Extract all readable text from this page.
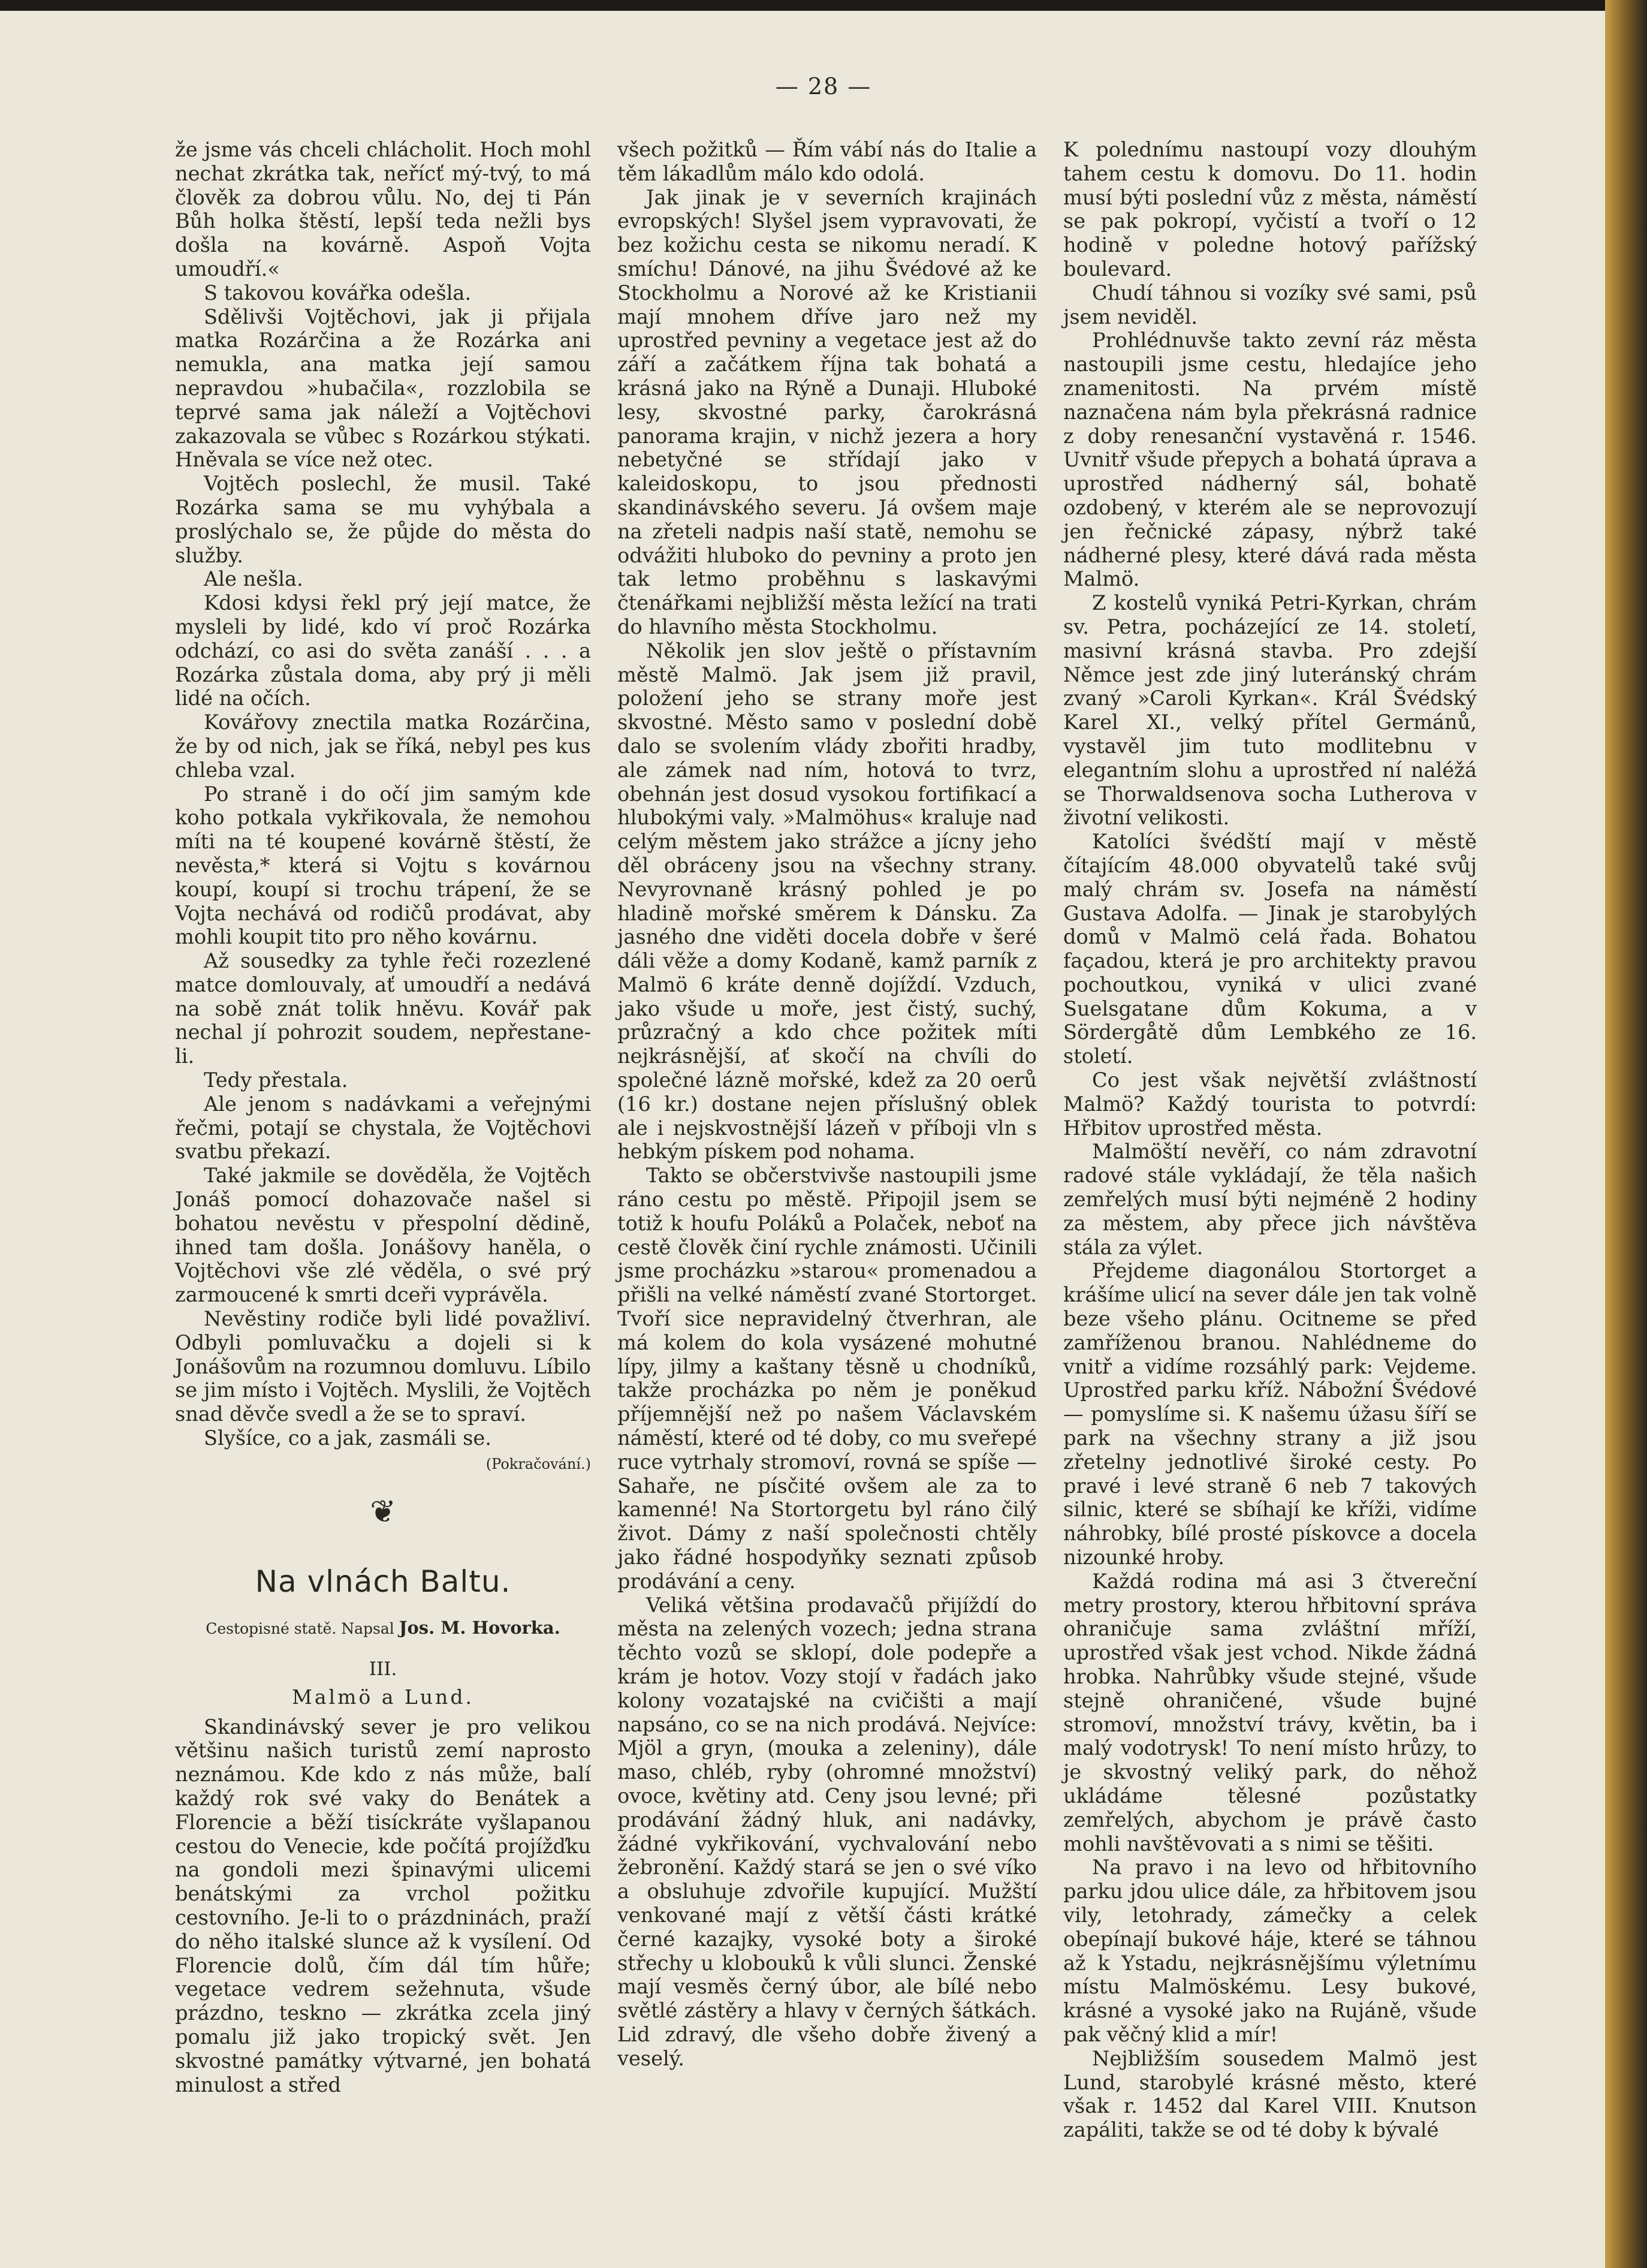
— 28 —

že jsme vás chceli chlácholit. Hoch mohl nechat zkrátka tak, neřícť mý-tvý, to má člověk za dobrou vůlu. No, dej ti Pán Bůh holka štěstí, lepší teda nežli bys došla na kovárně. Aspoň Vojta umoudří.«

S takovou kovářka odešla.

Sdělivši Vojtěchovi, jak ji přijala matka Rozárčina a že Rozárka ani nemukla, ana matka její samou nepravdou »hubačila«, rozzlobila se teprvé sama jak náleží a Vojtěchovi zakazovala se vůbec s Rozárkou stýkati. Hněvala se více než otec.

Vojtěch poslechl, že musil. Také Rozárka sama se mu vyhýbala a proslýchalo se, že půjde do města do služby.

Ale nešla.

Kdosi kdysi řekl prý její matce, že mysleli by lidé, kdo ví proč Rozárka odchází, co asi do světa zanáší . . . a Rozárka zůstala doma, aby prý ji měli lidé na očích.

Kovářovy znectila matka Rozárčina, že by od nich, jak se říká, nebyl pes kus chleba vzal.

Po straně i do očí jim samým kde koho potkala vykřikovala, že nemohou míti na té koupené kovárně štěstí, že nevěsta,* která si Vojtu s kovárnou koupí, koupí si trochu trápení, že se Vojta nechává od rodičů prodávat, aby mohli koupit tito pro něho kovárnu.

Až sousedky za tyhle řeči rozezlené matce domlouvaly, ať umoudří a nedává na sobě znát tolik hněvu. Kovář pak nechal jí pohrozit soudem, nepřestane-li.

Tedy přestala.

Ale jenom s nadávkami a veřejnými řečmi, potají se chystala, že Vojtěchovi svatbu překazí.

Také jakmile se dověděla, že Vojtěch Jonáš pomocí dohazovače našel si bohatou nevěstu v přespolní dědině, ihned tam došla. Jonášovy haněla, o Vojtěchovi vše zlé věděla, o své prý zarmoucené k smrti dceři vyprávěla.

Nevěstiny rodiče byli lidé považliví. Odbyli pomluvačku a dojeli si k Jonášovům na rozumnou domluvu. Líbilo se jim místo i Vojtěch. Myslili, že Vojtěch snad děvče svedl a že se to spraví.

Slyšíce, co a jak, zasmáli se.

(Pokračování.)
❦
Na vlnách Baltu.
Cestopisné statě. Napsal Jos. M. Hovorka.
III.
Malmö a Lund.

Skandinávský sever je pro velikou většinu našich turistů zemí naprosto neznámou. Kde kdo z nás může, balí každý rok své vaky do Benátek a Florencie a běží tisíckráte vyšlapanou cestou do Venecie, kde počítá projížďku na gondoli mezi špinavými ulicemi benátskými za vrchol požitku cestovního. Je-li to o prázdninách, praží do něho italské slunce až k vysílení. Od Florencie dolů, čím dál tím hůře; vegetace vedrem sežehnuta, všude prázdno, teskno — zkrátka zcela jiný pomalu již jako tropický svět. Jen skvostné památky výtvarné, jen bohatá minulost a střed

všech požitků — Řím vábí nás do Italie a těm lákadlům málo kdo odolá.

Jak jinak je v severních krajinách evropských! Slyšel jsem vypravovati, že bez kožichu cesta se nikomu neradí. K smíchu! Dánové, na jihu Švédové až ke Stockholmu a Norové až ke Kristianii mají mnohem dříve jaro než my uprostřed pevniny a vegetace jest až do září a začátkem října tak bohatá a krásná jako na Rýně a Dunaji. Hluboké lesy, skvostné parky, čarokrásná panorama krajin, v nichž jezera a hory nebetyčné se střídají jako v kaleidoskopu, to jsou přednosti skandinávského severu. Já ovšem maje na zřeteli nadpis naší statě, nemohu se odvážiti hluboko do pevniny a proto jen tak letmo proběhnu s laskavými čtenářkami nejbližší města ležící na trati do hlavního města Stockholmu.

Několik jen slov ještě o přístavním městě Malmö. Jak jsem již pravil, položení jeho se strany moře jest skvostné. Město samo v poslední době dalo se svolením vlády zbořiti hradby, ale zámek nad ním, hotová to tvrz, obehnán jest dosud vysokou fortifikací a hlubokými valy. »Malmöhus« kraluje nad celým městem jako strážce a jícny jeho děl obráceny jsou na všechny strany. Nevyrovnaně krásný pohled je po hladině mořské směrem k Dánsku. Za jasného dne viděti docela dobře v šeré dáli věže a domy Kodaně, kamž parník z Malmö 6 kráte denně dojíždí. Vzduch, jako všude u moře, jest čistý, suchý, průzračný a kdo chce požitek míti nejkrásnější, ať skočí na chvíli do společné lázně mořské, kdež za 20 oerů (16 kr.) dostane nejen příslušný oblek ale i nejskvostnější lázeň v příboji vln s hebkým pískem pod nohama.

Takto se občerstvivše nastoupili jsme ráno cestu po městě. Připojil jsem se totiž k houfu Poláků a Polaček, neboť na cestě člověk činí rychle známosti. Učinili jsme procházku »starou« promenadou a přišli na velké náměstí zvané Stortorget. Tvoří sice nepravidelný čtverhran, ale má kolem do kola vysázené mohutné lípy, jilmy a kaštany těsně u chodníků, takže procházka po něm je poněkud příjemnější než po našem Václavském náměstí, které od té doby, co mu sveřepé ruce vytrhaly stromoví, rovná se spíše — Sahaře, ne písčité ovšem ale za to kamenné! Na Stortorgetu byl ráno čilý život. Dámy z naší společnosti chtěly jako řádné hospodyňky seznati způsob prodávání a ceny.

Veliká většina prodavačů přijíždí do města na zelených vozech; jedna strana těchto vozů se sklopí, dole podepře a krám je hotov. Vozy stojí v řadách jako kolony vozatajské na cvičišti a mají napsáno, co se na nich prodává. Nejvíce: Mjöl a gryn, (mouka a zeleniny), dále maso, chléb, ryby (ohromné množství) ovoce, květiny atd. Ceny jsou levné; při prodávání žádný hluk, ani nadávky, žádné vykřikování, vychvalování nebo žebronění. Každý stará se jen o své víko a obsluhuje zdvořile kupující. Mužští venkované mají z větší části krátké černé kazajky, vysoké boty a široké střechy u klobouků k vůli slunci. Ženské mají vesměs černý úbor, ale bílé nebo světlé zástěry a hlavy v černých šátkách. Lid zdravý, dle všeho dobře živený a veselý.

K polednímu nastoupí vozy dlouhým tahem cestu k domovu. Do 11. hodin musí býti poslední vůz z města, náměstí se pak pokropí, vyčistí a tvoří o 12 hodině v poledne hotový pařížský boulevard.

Chudí táhnou si vozíky své sami, psů jsem neviděl.

Prohlédnuvše takto zevní ráz města nastoupili jsme cestu, hledajíce jeho znamenitosti. Na prvém místě naznačena nám byla překrásná radnice z doby renesanční vystavěná r. 1546. Uvnitř všude přepych a bohatá úprava a uprostřed nádherný sál, bohatě ozdobený, v kterém ale se neprovozují jen řečnické zápasy, nýbrž také nádherné plesy, které dává rada města Malmö.

Z kostelů vyniká Petri-Kyrkan, chrám sv. Petra, pocházející ze 14. století, masivní krásná stavba. Pro zdejší Němce jest zde jiný luteránský chrám zvaný »Caroli Kyrkan«. Král Švédský Karel XI., velký přítel Germánů, vystavěl jim tuto modlitebnu v elegantním slohu a uprostřed ní naléžá se Thorwaldsenova socha Lutherova v životní velikosti.

Katolíci švédští mají v městě čítajícím 48.000 obyvatelů také svůj malý chrám sv. Josefa na náměstí Gustava Adolfa. — Jinak je starobylých domů v Malmö celá řada. Bohatou façadou, která je pro architekty pravou pochoutkou, vyniká v ulici zvané Suelsgatane dům Kokuma, a v Sördergåtě dům Lembkého ze 16. století.

Co jest však největší zvláštností Malmö? Každý tourista to potvrdí: Hřbitov uprostřed města.

Malmöští nevěří, co nám zdravotní radové stále vykládají, že těla našich zemřelých musí býti nejméně 2 hodiny za městem, aby přece jich návštěva stála za výlet.

Přejdeme diagonálou Stortorget a krášíme ulicí na sever dále jen tak volně beze všeho plánu. Ocitneme se před zamříženou branou. Nahlédneme do vnitř a vidíme rozsáhlý park: Vejdeme. Uprostřed parku kříž. Nábožní Švédové — pomyslíme si. K našemu úžasu šíří se park na všechny strany a již jsou zřetelny jednotlivé široké cesty. Po pravé i levé straně 6 neb 7 takových silnic, které se sbíhají ke kříži, vidíme náhrobky, bílé prosté pískovce a docela nizounké hroby.

Každá rodina má asi 3 čtvereční metry prostory, kterou hřbitovní správa ohraničuje sama zvláštní mříží, uprostřed však jest vchod. Nikde žádná hrobka. Nahrůbky všude stejné, všude stejně ohraničené, všude bujné stromoví, množství trávy, květin, ba i malý vodotrysk! To není místo hrůzy, to je skvostný veliký park, do něhož ukládáme tělesné pozůstatky zemřelých, abychom je právě často mohli navštěvovati a s nimi se těšiti.

Na pravo i na levo od hřbitovního parku jdou ulice dále, za hřbitovem jsou vily, letohrady, zámečky a celek obepínají bukové háje, které se táhnou až k Ystadu, nejkrásnějšímu výletnímu místu Malmöskému. Lesy bukové, krásné a vysoké jako na Rujáně, všude pak věčný klid a mír!

Nejbližším sousedem Malmö jest Lund, starobylé krásné město, které však r. 1452 dal Karel VIII. Knutson zapáliti, takže se od té doby k bývalé
